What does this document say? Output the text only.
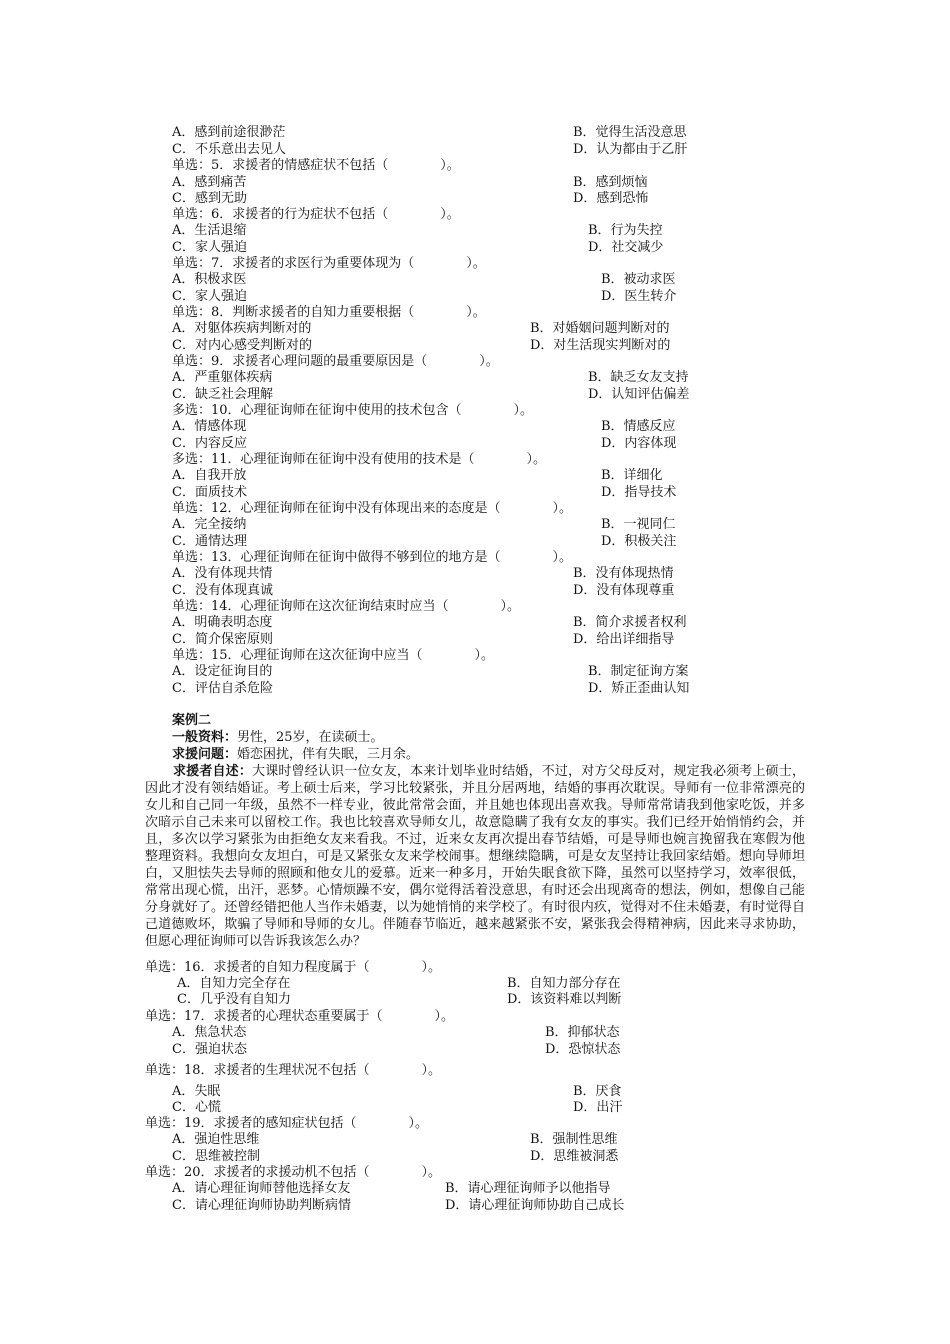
A．感到前途很渺茫	B．觉得生活没意思
C．不乐意出去见人	D．认为都由于乙肝
单选：5．求援者的情感症状不包括（　　　　）。
A．感到痛苦	B．感到烦恼
C．感到无助	D．感到恐怖
单选：6．求援者的行为症状不包括（　　　　）。
A．生活退缩	B．行为失控
C．家人强迫	D．社交减少
单选：7．求援者的求医行为重要体现为（　　　　）。
A．积极求医	B．被动求医
C．家人强迫	D．医生转介
单选：8．判断求援者的自知力重要根据（　　　　）。
A．对躯体疾病判断对的	B．对婚姻问题判断对的
C．对内心感受判断对的	D．对生活现实判断对的
单选：9．求援者心理问题的最重要原因是（　　　　）。
A．严重躯体疾病	B．缺乏女友支持
C．缺乏社会理解	D．认知评估偏差
多选：10．心理征询师在征询中使用的技术包含（　　　　）。
A．情感体现	B．情感反应
C．内容反应	D．内容体现
多选：11．心理征询师在征询中没有使用的技术是（　　　　）。
A．自我开放	B．详细化
C．面质技术	D．指导技术
单选：12．心理征询师在征询中没有体现出来的态度是（　　　　）。
A．完全接纳	B．一视同仁
C．通情达理	D．积极关注
单选：13．心理征询师在征询中做得不够到位的地方是（　　　　）。
A．没有体现共情	B．没有体现热情
C．没有体现真诚	D．没有体现尊重
单选：14．心理征询师在这次征询结束时应当（　　　　）。
A．明确表明态度	B．简介求援者权利
C．简介保密原则	D．给出详细指导
单选：15．心理征询师在这次征询中应当（　　　　）。
A．设定征询目的	B．制定征询方案
C．评估自杀危险	D．矫正歪曲认知
案例二
一般资料：男性，25岁，在读硕士。
求援问题：婚恋困扰，伴有失眠，三月余。
求援者自述：大课时曾经认识一位女友，本来计划毕业时结婚，不过，对方父母反对，规定我必须考上硕士，因此才没有领结婚证。考上硕士后来，学习比较紧张，并且分居两地，结婚的事再次耽误。导师有一位非常漂亮的女儿和自己同一年级，虽然不一样专业，彼此常常会面，并且她也体现出喜欢我。导师常常请我到他家吃饭，并多次暗示自己未来可以留校工作。我也比较喜欢导师女儿，故意隐瞒了我有女友的事实。我们已经开始悄悄约会，并且，多次以学习紧张为由拒绝女友来看我。不过，近来女友再次提出春节结婚，可是导师也婉言挽留我在寒假为他整理资料。我想向女友坦白，可是又紧张女友来学校闹事。想继续隐瞒，可是女友坚持让我回家结婚。想向导师坦白，又胆怯失去导师的照顾和他女儿的爱慕。近来一种多月，开始失眠食欲下降，虽然可以坚持学习，效率很低，常常出现心慌，出汗，恶梦。心情烦躁不安，偶尔觉得活着没意思，有时还会出现离奇的想法，例如，想像自己能分身就好了。还曾经错把他人当作未婚妻，以为她悄悄的来学校了。有时很内疚，觉得对不住未婚妻，有时觉得自己道德败坏，欺骗了导师和导师的女儿。伴随春节临近，越来越紧张不安，紧张我会得精神病，因此来寻求协助，但愿心理征询师可以告诉我该怎么办？
单选：16．求援者的自知力程度属于（　　　　）。
A．自知力完全存在	B．自知力部分存在
C．几乎没有自知力	D．该资料难以判断
单选：17．求援者的心理状态重要属于（　　　　）。
A．焦急状态	B．抑郁状态
C．强迫状态	D．恐惊状态
单选：18．求援者的生理状况不包括（　　　　）。
A．失眠	B．厌食
C．心慌	D．出汗
单选：19．求援者的感知症状包括（　　　　）。
A．强迫性思维	B．强制性思维
C．思维被控制	D．思维被洞悉
单选：20．求援者的求援动机不包括（　　　　）。
A．请心理征询师替他选择女友	B．请心理征询师予以他指导
C．请心理征询师协助判断病情	D．请心理征询师协助自己成长
